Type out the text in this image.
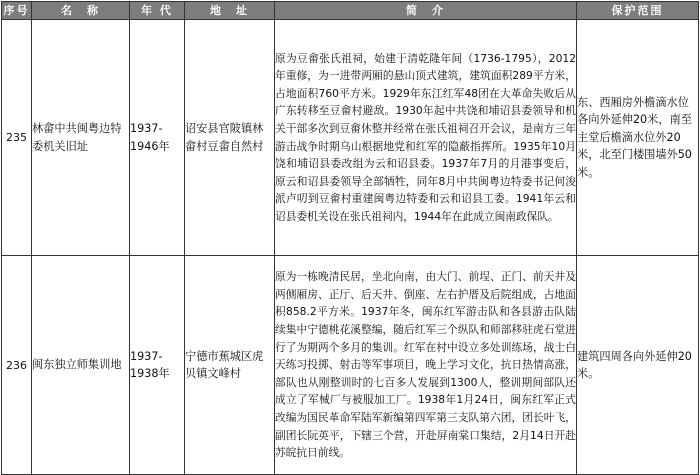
序号	名　称	年 代	地　址	简　介	保护范围
235	林畲中共闽粤边特委机关旧址	1937-1946年	诏安县官陂镇林畲村豆畲自然村	原为豆畲张氏祖祠，始建于清乾隆年间（1736-1795），2012年重修，为一进带两厢的悬山顶式建筑，建筑面积289平方米，占地面积760平方米。1929年东江红军48团在大革命失败后从广东转移至豆畲村避敌。1930年起中共饶和埔诏县委领导和机关干部多次到豆畲休整并经常在张氏祖祠召开会议，是南方三年游击战争时期乌山根据地党和红军的隐蔽指挥所。1935年10月饶和埔诏县委改组为云和诏县委。1937年7月的月港事变后，原云和诏县委领导全部牺牲，同年8月中共闽粤边特委书记何浚派卢叨到豆畲村重建闽粤边特委和云和诏县工委。1941年云和诏县委机关设在张氏祖祠内，1944年在此成立闽南政保队。	东、西厢房外檐滴水位各向外延伸20米，南至主堂后檐滴水位外20米，北至门楼围墙外50米。
236	闽东独立师集训地	1937-1938年	宁德市蕉城区虎贝镇文峰村	原为一栋晚清民居，坐北向南，由大门、前埕、正门、前天井及两侧厢房、正厅、后天井、倒座、左右护厝及后院组成，占地面积858.2平方米。1937年冬，闽东红军游击队和各县游击队陆续集中宁德桃花溪整编，随后红军三个纵队和师部移驻虎石堂进行了为期两个多月的集训。红军在村中设立多处训练场，战士白天练习投掷、射击等军事项目，晚上学习文化，抗日热情高涨，部队也从刚整训时的七百多人发展到1300人，整训期间部队还成立了军械厂与被服加工厂。1938年1月24日，闽东红军正式改编为国民革命军陆军新编第四军第三支队第六团，团长叶飞，副团长阮英平，下辖三个营，开赴屏南棠口集结，2月14日开赴苏皖抗日前线。	建筑四周各向外延伸20米。
